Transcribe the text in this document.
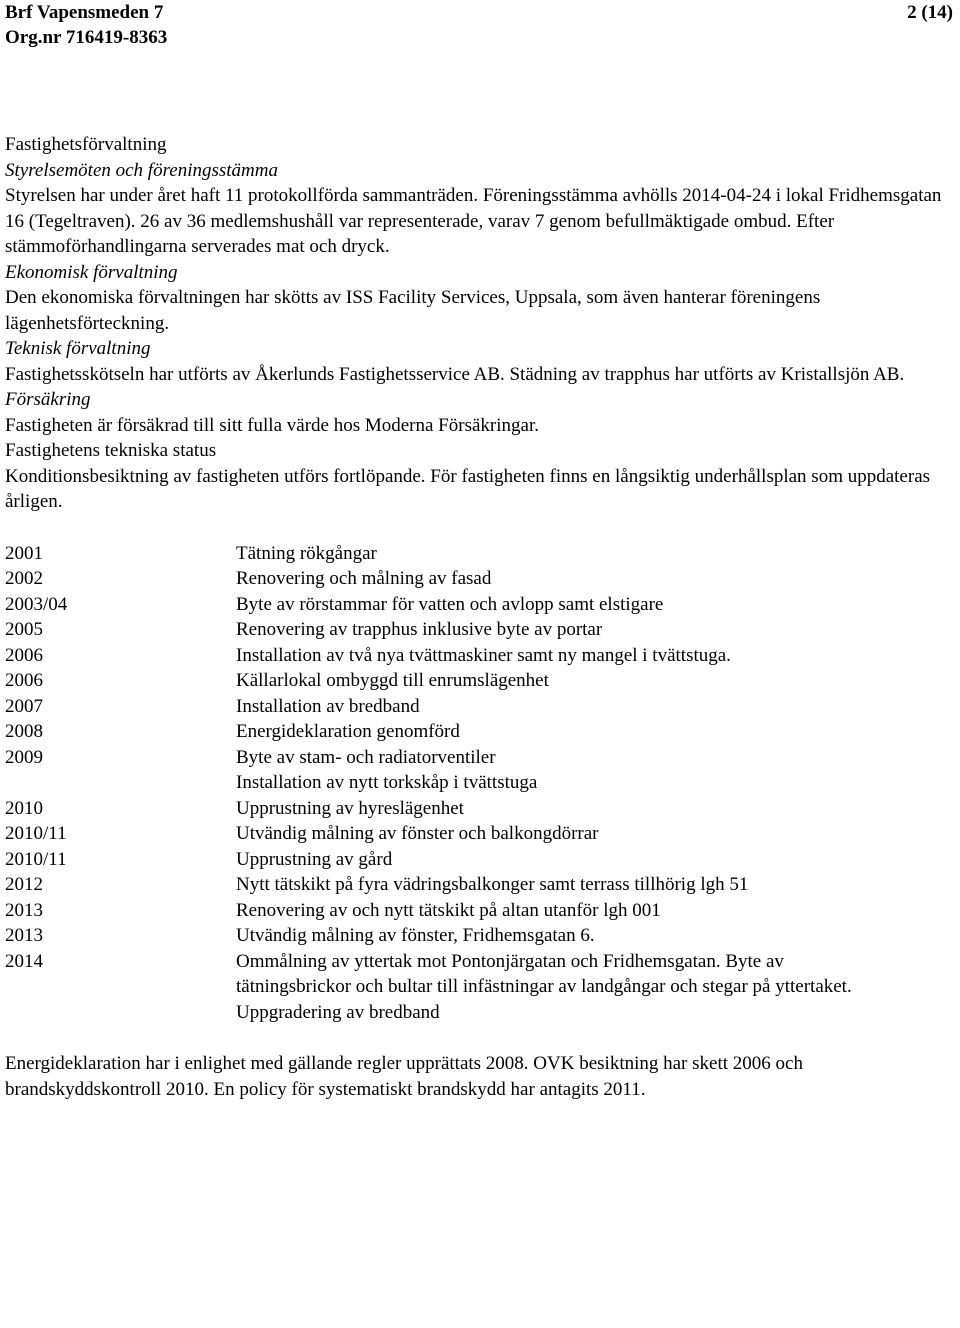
Brf Vapensmeden 7
Org.nr 716419-8363
2 (14)

Fastighetsförvaltning

Styrelsemöten och föreningsstämma

Styrelsen har under året haft 11 protokollförda sammanträden. Föreningsstämma avhölls 2014-04-24 i lokal Fridhemsgatan 16 (Tegeltraven). 26 av 36 medlemshushåll var representerade, varav 7 genom befullmäktigade ombud. Efter stämmoförhandlingarna serverades mat och dryck.

Ekonomisk förvaltning

Den ekonomiska förvaltningen har skötts av ISS Facility Services, Uppsala, som även hanterar föreningens lägenhetsförteckning.

Teknisk förvaltning

Fastighetsskötseln har utförts av Åkerlunds Fastighetsservice AB. Städning av trapphus har utförts av Kristallsjön AB.

Försäkring

Fastigheten är försäkrad till sitt fulla värde hos Moderna Försäkringar.

Fastighetens tekniska status

Konditionsbesiktning av fastigheten utförs fortlöpande. För fastigheten finns en långsiktig underhållsplan som uppdateras årligen.

2001	Tätning rökgångar
2002	Renovering och målning av fasad
2003/04	Byte av rörstammar för vatten och avlopp samt elstigare
2005	Renovering av trapphus inklusive byte av portar
2006	Installation av två nya tvättmaskiner samt ny mangel i tvättstuga.
2006	Källarlokal ombyggd till enrumslägenhet
2007	Installation av bredband
2008	Energideklaration genomförd
2009	Byte av stam- och radiatorventiler
Installation av nytt torkskåp i tvättstuga
2010	Upprustning av hyreslägenhet
2010/11	Utvändig målning av fönster och balkongdörrar
2010/11	Upprustning av gård
2012	Nytt tätskikt på fyra vädringsbalkonger samt terrass tillhörig lgh 51
2013	Renovering av och nytt tätskikt på altan utanför lgh 001
2013	Utvändig målning av fönster, Fridhemsgatan 6.
2014	Ommålning av yttertak mot Pontonjärgatan och Fridhemsgatan. Byte av tätningsbrickor och bultar till infästningar av landgångar och stegar på yttertaket.
Uppgradering av bredband

Energideklaration har i enlighet med gällande regler upprättats 2008. OVK besiktning har skett 2006 och brandskyddskontroll 2010. En policy för systematiskt brandskydd har antagits 2011.
